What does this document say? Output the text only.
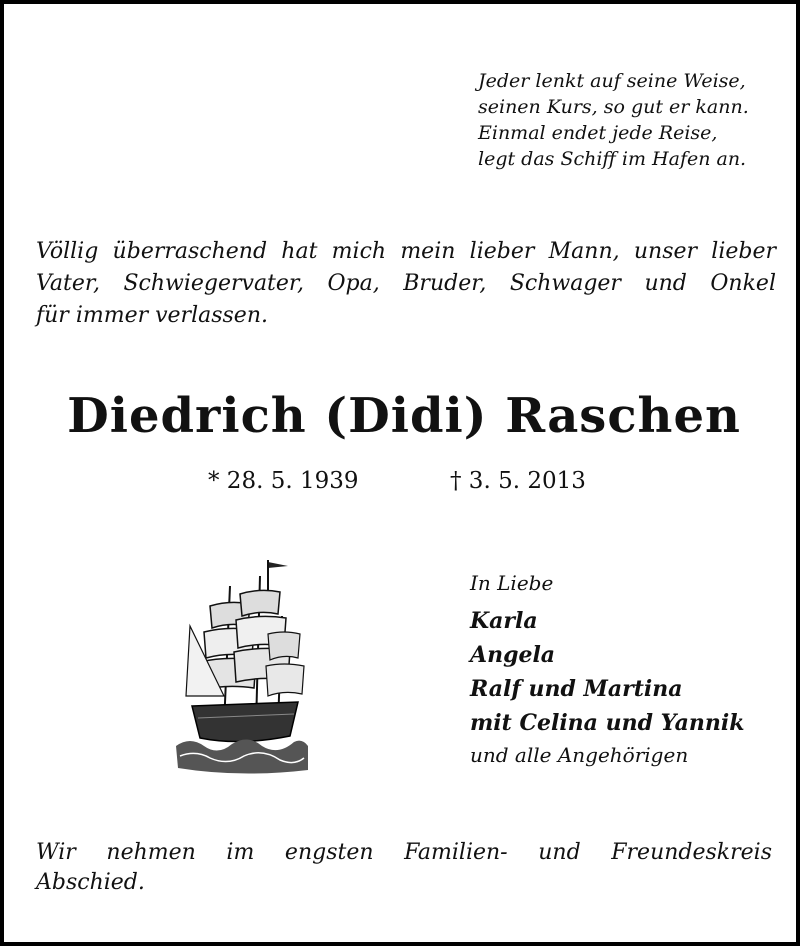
Jeder lenkt auf seine Weise,
seinen Kurs, so gut er kann.
Einmal endet jede Reise,
legt das Schiff im Hafen an.
Völlig überraschend hat mich mein lieber Mann, unser lieber
Vater, Schwiegervater, Opa, Bruder, Schwager und Onkel
für immer verlassen.
Diedrich (Didi) Raschen
* 28. 5. 1939	† 3. 5. 2013
In Liebe
Karla
Angela
Ralf und Martina
mit Celina und Yannik
und alle Angehörigen
Wir nehmen im engsten Familien- und Freundeskreis
Abschied.
